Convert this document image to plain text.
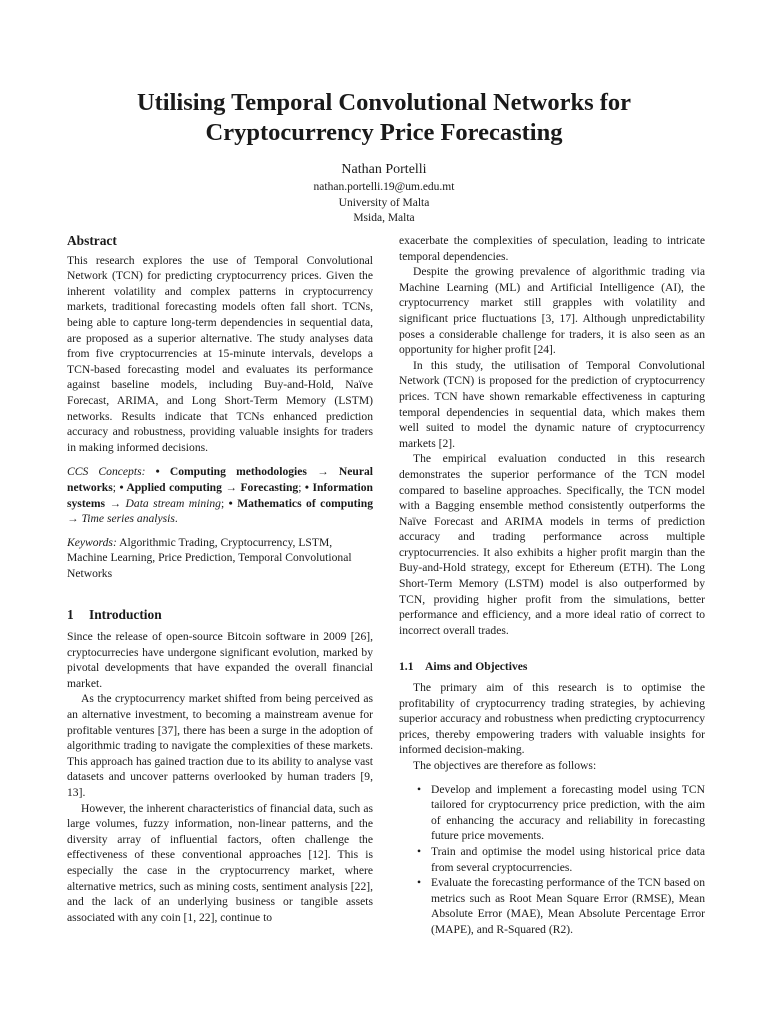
Utilising Temporal Convolutional Networks for
Cryptocurrency Price Forecasting
Nathan Portelli
nathan.portelli.19@um.edu.mt
University of Malta
Msida, Malta
Abstract

This research explores the use of Temporal Convolutional Network (TCN) for predicting cryptocurrency prices. Given the inherent volatility and complex patterns in cryptocurrency markets, traditional forecasting models often fall short. TCNs, being able to capture long-term dependencies in sequential data, are proposed as a superior alternative. The study analyses data from five cryptocurrencies at 15-minute intervals, develops a TCN-based forecasting model and evaluates its performance against baseline models, including Buy-and-Hold, Naïve Forecast, ARIMA, and Long Short-Term Memory (LSTM) networks. Results indicate that TCNs enhanced prediction accuracy and robustness, providing valuable insights for traders in making informed decisions.

CCS Concepts: • Computing methodologies → Neural networks; • Applied computing → Forecasting; • Information systems → Data stream mining; • Mathematics of computing → Time series analysis.

Keywords: Algorithmic Trading, Cryptocurrency, LSTM, Machine Learning, Price Prediction, Temporal Convolutional Networks

1 Introduction

Since the release of open-source Bitcoin software in 2009 [26], cryptocurrecies have undergone significant evolution, marked by pivotal developments that have expanded the overall financial market.

As the cryptocurrency market shifted from being perceived as an alternative investment, to becoming a mainstream avenue for profitable ventures [37], there has been a surge in the adoption of algorithmic trading to navigate the complexities of these markets. This approach has gained traction due to its ability to analyse vast datasets and uncover patterns overlooked by human traders [9, 13].

However, the inherent characteristics of financial data, such as large volumes, fuzzy information, non-linear patterns, and the diversity array of influential factors, often challenge the effectiveness of these conventional approaches [12]. This is especially the case in the cryptocurrency market, where alternative metrics, such as mining costs, sentiment analysis [22], and the lack of an underlying business or tangible assets associated with any coin [1, 22], continue to

exacerbate the complexities of speculation, leading to intricate temporal dependencies.

Despite the growing prevalence of algorithmic trading via Machine Learning (ML) and Artificial Intelligence (AI), the cryptocurrency market still grapples with volatility and significant price fluctuations [3, 17]. Although unpredictability poses a considerable challenge for traders, it is also seen as an opportunity for higher profit [24].

In this study, the utilisation of Temporal Convolutional Network (TCN) is proposed for the prediction of cryptocurrency prices. TCN have shown remarkable effectiveness in capturing temporal dependencies in sequential data, which makes them well suited to model the dynamic nature of cryptocurrency markets [2].

The empirical evaluation conducted in this research demonstrates the superior performance of the TCN model compared to baseline approaches. Specifically, the TCN model with a Bagging ensemble method consistently outperforms the Naïve Forecast and ARIMA models in terms of prediction accuracy and trading performance across multiple cryptocurrencies. It also exhibits a higher profit margin than the Buy-and-Hold strategy, except for Ethereum (ETH). The Long Short-Term Memory (LSTM) model is also outperformed by TCN, providing higher profit from the simulations, better performance and efficiency, and a more ideal ratio of correct to incorrect overall trades.

1.1 Aims and Objectives

The primary aim of this research is to optimise the profitability of cryptocurrency trading strategies, by achieving superior accuracy and robustness when predicting cryptocurrency prices, thereby empowering traders with valuable insights for informed decision-making.

The objectives are therefore as follows:

• Develop and implement a forecasting model using TCN tailored for cryptocurrency price prediction, with the aim of enhancing the accuracy and reliability in forecasting future price movements.
• Train and optimise the model using historical price data from several cryptocurrencies.
• Evaluate the forecasting performance of the TCN based on metrics such as Root Mean Square Error (RMSE), Mean Absolute Error (MAE), Mean Absolute Percentage Error (MAPE), and R-Squared (R2).
